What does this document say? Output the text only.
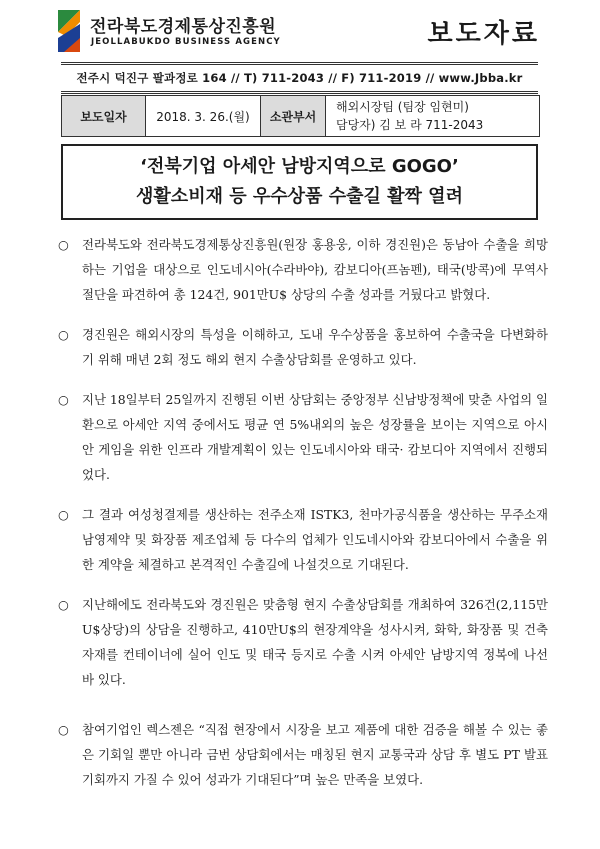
전라북도경제통상진흥원
JEOLLABUKDO BUSINESS AGENCY	보도자료
전주시 덕진구 팔과정로 164 // T) 711-2043 // F) 711-2019 // www.Jbba.kr
보도일자	2018. 3. 26.(월)	소관부서
해외시장팀 (팀장 임현미)
담당자) 김 보 라 711-2043
‘전북기업 아세안 남방지역으로 GOGO’
생활소비재 등 우수상품 수출길 활짝 열려
○ 전라북도와 전라북도경제통상진흥원(원장 홍용웅, 이하 경진원)은 동남아 수출을 희망하는 기업을 대상으로 인도네시아(수라바야), 캄보디아(프놈펜), 태국(방콕)에 무역사절단을 파견하여 총 124건, 901만U$ 상당의 수출 성과를 거뒀다고 밝혔다.

○ 경진원은 해외시장의 특성을 이해하고, 도내 우수상품을 홍보하여 수출국을 다변화하기 위해 매년 2회 정도 해외 현지 수출상담회를 운영하고 있다.

○ 지난 18일부터 25일까지 진행된 이번 상담회는 중앙정부 신남방정책에 맞춘 사업의 일환으로 아세안 지역 중에서도 평균 연 5%내외의 높은 성장률을 보이는 지역으로 아시안 게임을 위한 인프라 개발계획이 있는 인도네시아와 태국· 캄보디아 지역에서 진행되었다.

○ 그 결과 여성청결제를 생산하는 전주소재 ISTK3, 천마가공식품을 생산하는 무주소재 남영제약 및 화장품 제조업체 등 다수의 업체가 인도네시아와 캄보디아에서 수출을 위한 계약을 체결하고 본격적인 수출길에 나설것으로 기대된다.

○ 지난해에도 전라북도와 경진원은 맞춤형 현지 수출상담회를 개최하여 326건(2,115만U$상당)의 상담을 진행하고, 410만U$의 현장계약을 성사시켜, 화학, 화장품 및 건축자재를 컨테이너에 실어 인도 및 태국 등지로 수출 시켜 아세안 남방지역 정복에 나선바 있다.

○ 참여기업인 렉스젠은 “직접 현장에서 시장을 보고 제품에 대한 검증을 해볼 수 있는 좋은 기회일 뿐만 아니라 금번 상담회에서는 매칭된 현지 교통국과 상담 후 별도 PT 발표 기회까지 가질 수 있어 성과가 기대된다”며 높은 만족을 보였다.
